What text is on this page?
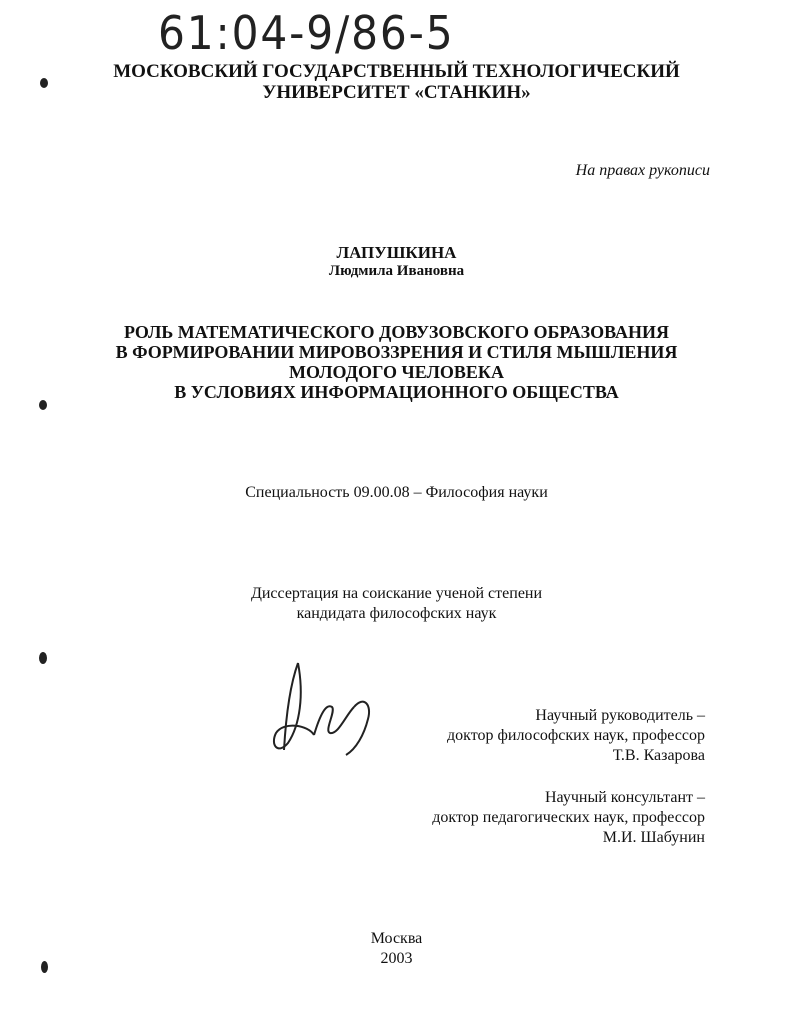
61:04-9/86-5
МОСКОВСКИЙ ГОСУДАРСТВЕННЫЙ ТЕХНОЛОГИЧЕСКИЙ
УНИВЕРСИТЕТ «СТАНКИН»
На правах рукописи
ЛАПУШКИНА
Людмила Ивановна
РОЛЬ МАТЕМАТИЧЕСКОГО ДОВУЗОВСКОГО ОБРАЗОВАНИЯ
В ФОРМИРОВАНИИ МИРОВОЗЗРЕНИЯ И СТИЛЯ МЫШЛЕНИЯ
МОЛОДОГО ЧЕЛОВЕКА
В УСЛОВИЯХ ИНФОРМАЦИОННОГО ОБЩЕСТВА
Специальность 09.00.08 – Философия науки
Диссертация на соискание ученой степени
кандидата философских наук
Научный руководитель –
доктор философских наук, профессор
Т.В. Казарова
Научный консультант –
доктор педагогических наук, профессор
М.И. Шабунин
Москва
2003
